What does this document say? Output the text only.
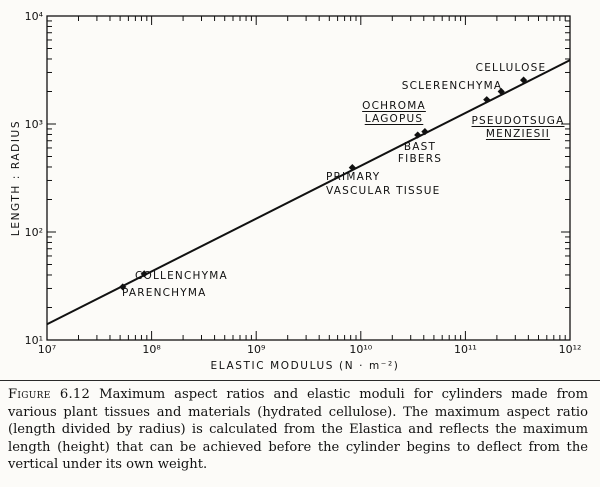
10⁷	10⁸	10⁹	10¹⁰	10¹¹	10¹²
10¹
10²
10³
10⁴
COLLENCHYMA
PARENCHYMA
PRIMARY
VASCULAR TISSUE
OCHROMA
LAGOPUS
BAST
FIBERS
SCLERENCHYMA
CELLULOSE
PSEUDOTSUGA
MENZIESII
ELASTIC MODULUS (N · m⁻²)
LENGTH : RADIUS
Figure 6.12 Maximum aspect ratios and elastic moduli for cylinders made from various plant tissues and materials (hydrated cellulose). The maximum aspect ratio (length divided by radius) is calculated from the Elastica and reflects the maximum length (height) that can be achieved before the cylinder begins to deflect from the vertical under its own weight.
